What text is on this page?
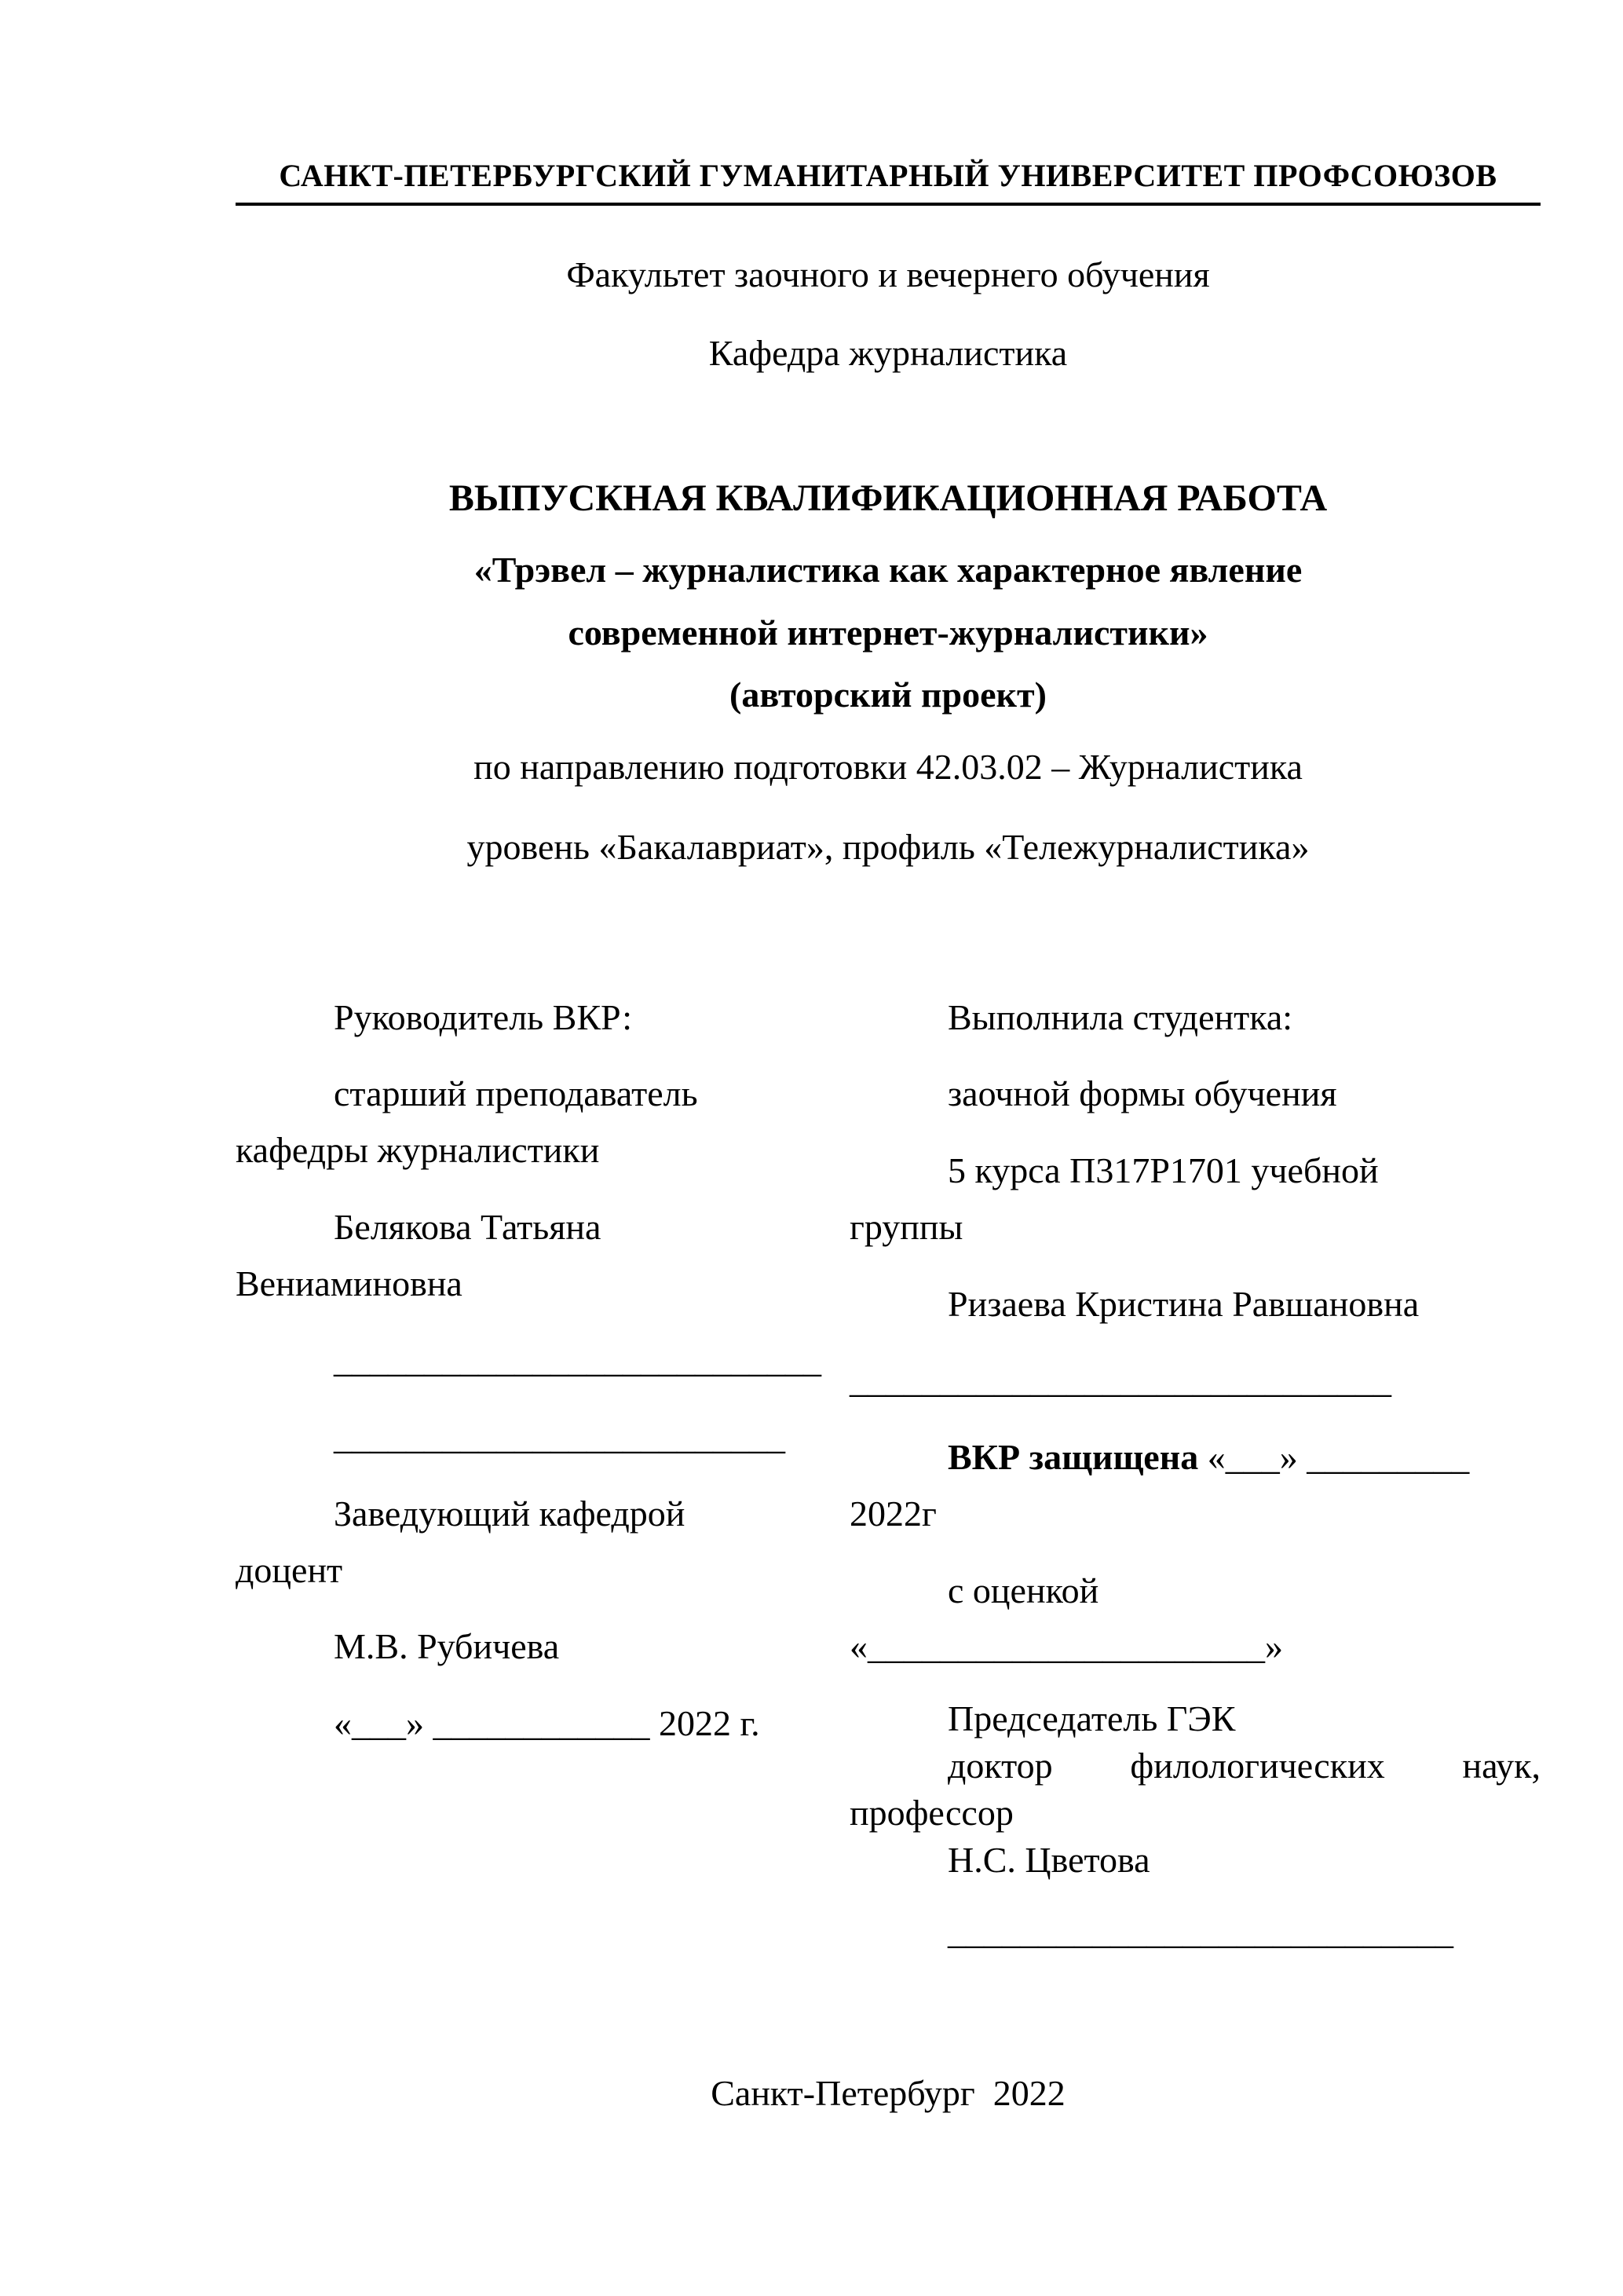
САНКТ-ПЕТЕРБУРГСКИЙ ГУМАНИТАРНЫЙ УНИВЕРСИТЕТ ПРОФСОЮЗОВ
Факультет заочного и вечернего обучения
Кафедра журналистика
ВЫПУСКНАЯ КВАЛИФИКАЦИОННАЯ РАБОТА
«Трэвел – журналистика как характерное явление
современной интернет-журналистики»
(авторский проект)
по направлению подготовки 42.03.02 – Журналистика
уровень «Бакалавриат», профиль «Тележурналистика»
Руководитель ВКР:
старший преподаватель
кафедры журналистики
Белякова Татьяна
Вениаминовна
___________________________
_________________________
Заведующий кафедрой
доцент
М.В. Рубичева
«___» ____________ 2022 г.
Выполнила студентка:
заочной формы обучения
5 курса П317Р1701 учебной
группы
Ризаева Кристина Равшановна
______________________________
ВКР защищена «___» _________
2022г
с оценкой
«______________________»
Председатель ГЭК
доктор филологических наук,
профессор
Н.С. Цветова
____________________________
Санкт-Петербург  2022
